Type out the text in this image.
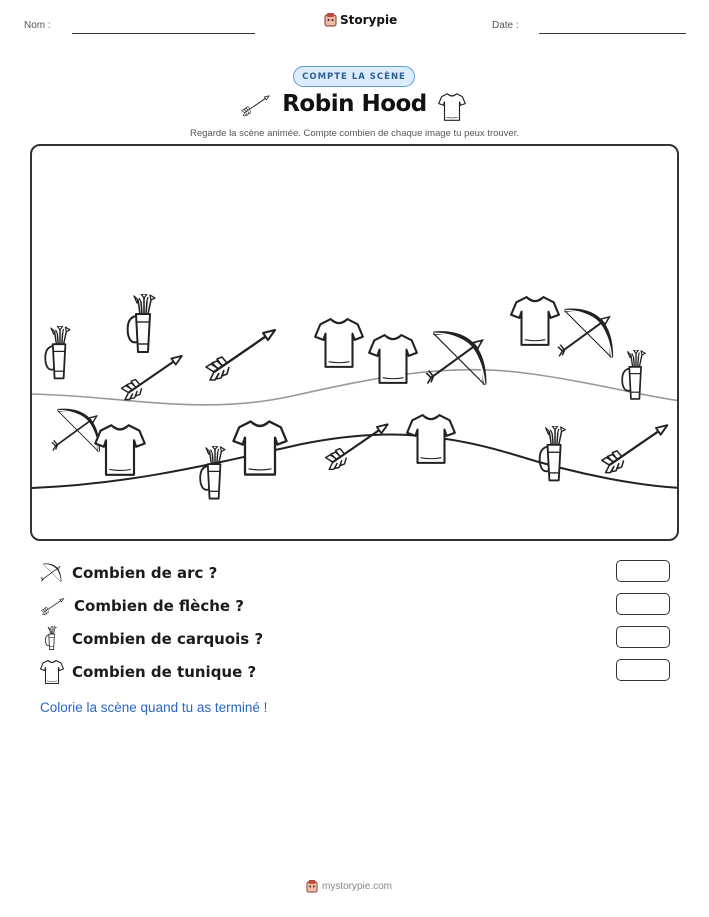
Nom :	Storypie	Date :
COMPTE LA SCÈNE
Robin Hood
Regarde la scène animée. Compte combien de chaque image tu peux trouver.
Combien de arc ?
Combien de flèche ?
Combien de carquois ?
Combien de tunique ?
Colorie la scène quand tu as terminé !
mystorypie.com
